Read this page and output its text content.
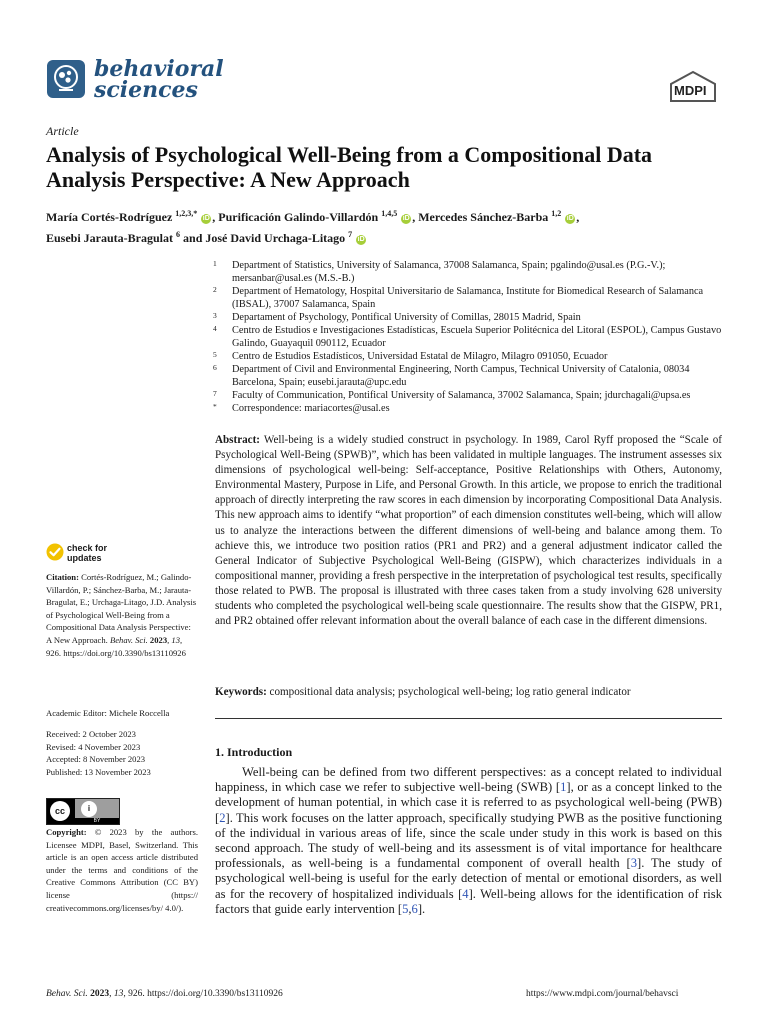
behavioral
sciences	MDPI
Article
Analysis of Psychological Well-Being from a Compositional Data Analysis Perspective: A New Approach
María Cortés-Rodríguez $^{1,2,3,*}$ iD , Purificación Galindo-Villardón $^{1,4,5}$ iD , Mercedes Sánchez-Barba $^{1,2}$ iD ,
Eusebi Jarauta-Bragulat $^6$ and José David Urchaga-Litago $^7$ iD
1 Department of Statistics, University of Salamanca, 37008 Salamanca, Spain; pgalindo@usal.es (P.G.-V.); mersanbar@usal.es (M.S.-B.)
2 Department of Hematology, Hospital Universitario de Salamanca, Institute for Biomedical Research of Salamanca (IBSAL), 37007 Salamanca, Spain
3 Departament of Psychology, Pontifical University of Comillas, 28015 Madrid, Spain
4 Centro de Estudios e Investigaciones Estadísticas, Escuela Superior Politécnica del Litoral (ESPOL), Campus Gustavo Galindo, Guayaquil 090112, Ecuador
5 Centro de Estudios Estadísticos, Universidad Estatal de Milagro, Milagro 091050, Ecuador
6 Department of Civil and Environmental Engineering, North Campus, Technical University of Catalonia, 08034 Barcelona, Spain; eusebi.jarauta@upc.edu
7 Faculty of Communication, Pontifical University of Salamanca, 37002 Salamanca, Spain; jdurchagali@upsa.es
* Correspondence: mariacortes@usal.es
Abstract: Well-being is a widely studied construct in psychology. In 1989, Carol Ryff proposed the “Scale of Psychological Well-Being (SPWB)”, which has been validated in multiple languages. The instrument assesses six dimensions of psychological well-being: Self-acceptance, Positive Relationships with Others, Autonomy, Environmental Mastery, Purpose in Life, and Personal Growth. In this article, we propose to enrich the traditional approach of directly interpreting the raw scores in each dimension by incorporating Compositional Data Analysis. This new approach aims to identify “what proportion” of each dimension constitutes well-being, which will allow us to analyze the interactions between the different dimensions of well-being and balance among them. To achieve this, we introduce two position ratios (PR1 and PR2) and a general adjustment indicator called the General Indicator of Subjective Psychological Well-Being (GISPW), which characterizes individuals in a compositional manner, providing a fresh perspective in the interpretation of psychological test results, specifically those related to PWB. The proposal is illustrated with three cases taken from a study involving 628 university students who completed the psychological well-being scale questionnaire. The results show that the GISPW, PR1, and PR2 obtained offer relevant information about the overall balance of each case in the different dimensions.
Keywords: compositional data analysis; psychological well-being; log ratio general indicator
1. Introduction

Well-being can be defined from two different perspectives: as a concept related to individual happiness, in which case we refer to subjective well-being (SWB) [1], or as a concept linked to the development of human potential, in which case it is referred to as psychological well-being (PWB) [2]. This work focuses on the latter approach, specifically studying PWB as the positive functioning of the individual in various areas of life, since the scale under study in this work is based on this second approach. The study of well-being and its assessment is of vital importance for healthcare professionals, as well-being is a fundamental component of overall health [3]. The study of psychological well-being is useful for the early detection of mental or emotional disorders, as well as for the recovery of hospitalized individuals [4]. Well-being allows for the identification of risk factors that guide early intervention [5,6].

check for
updates
Citation: Cortés-Rodríguez, M.; Galindo-Villardón, P.; Sánchez-Barba, M.; Jarauta-Bragulat, E.; Urchaga-Litago, J.D. Analysis of Psychological Well-Being from a Compositional Data Analysis Perspective: A New Approach. Behav. Sci. 2023, 13, 926. https://doi.org/10.3390/bs13110926
Academic Editor: Michele Roccella
Received: 2 October 2023
Revised: 4 November 2023
Accepted: 8 November 2023
Published: 13 November 2023
cc	i
BY
Copyright: © 2023 by the authors. Licensee MDPI, Basel, Switzerland. This article is an open access article distributed under the terms and conditions of the Creative Commons Attribution (CC BY) license (https:// creativecommons.org/licenses/by/ 4.0/).
Behav. Sci. 2023, 13, 926. https://doi.org/10.3390/bs13110926	https://www.mdpi.com/journal/behavsci
